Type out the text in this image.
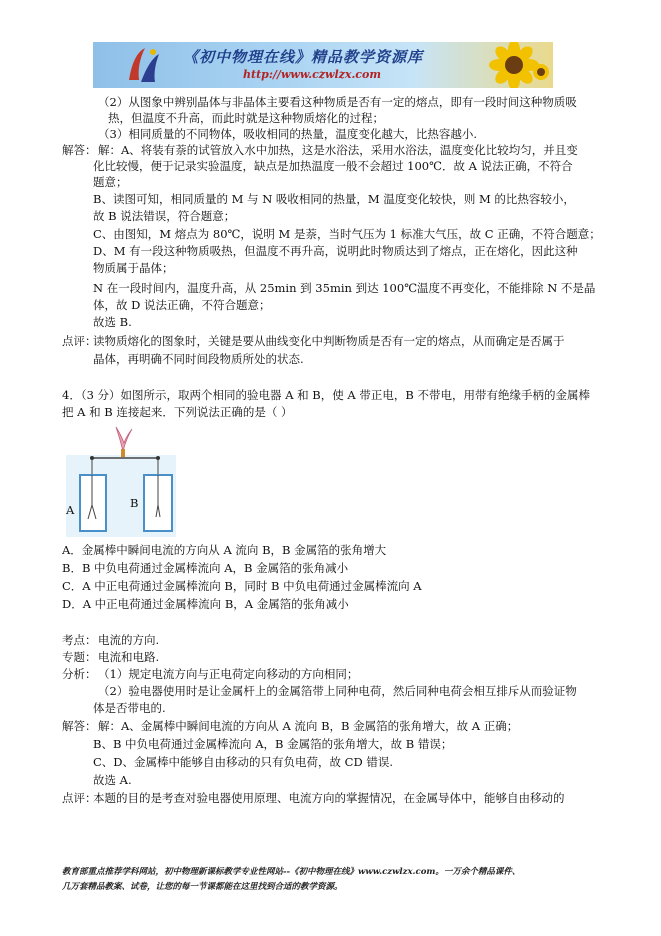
《初中物理在线》精品教学资源库
http://www.czwlzx.com
（2）从图象中辨别晶体与非晶体主要看这种物质是否有一定的熔点，即有一段时间这种物质吸
热，但温度不升高，而此时就是这种物质熔化的过程；
（3）相同质量的不同物体，吸收相同的热量，温度变化越大，比热容越小.
解答： 解：A、将装有萘的试管放入水中加热，这是水浴法，采用水浴法，温度变化比较均匀，并且变
化比较慢，便于记录实验温度，缺点是加热温度一般不会超过 100℃．故 A 说法正确，不符合
题意；
B、读图可知，相同质量的 M 与 N 吸收相同的热量，M 温度变化较快，则 M 的比热容较小，
故 B 说法错误，符合题意；
C、由图知，M 熔点为 80℃，说明 M 是萘，当时气压为 1 标准大气压，故 C 正确，不符合题意；
D、M 有一段这种物质吸热，但温度不再升高，说明此时物质达到了熔点，正在熔化，因此这种
物质属于晶体；
N 在一段时间内，温度升高，从 25min 到 35min 到达 100℃温度不再变化，不能排除 N 不是晶
体，故 D 说法正确，不符合题意；
故选 B.
点评：
读物质熔化的图象时，关键是要从曲线变化中判断物质是否有一定的熔点，从而确定是否属于
晶体，再明确不同时间段物质所处的状态.
4．（3 分）如图所示，取两个相同的验电器 A 和 B，使 A 带正电，B 不带电，用带有绝缘手柄的金属棒
把 A 和 B 连接起来．下列说法正确的是（ ）
A	B
A．金属棒中瞬间电流的方向从 A 流向 B，B 金属箔的张角增大
B．B 中负电荷通过金属棒流向 A，B 金属箔的张角减小
C．A 中正电荷通过金属棒流向 B，同时 B 中负电荷通过金属棒流向 A
D．A 中正电荷通过金属棒流向 B，A 金属箔的张角减小
考点： 电流的方向.
专题： 电流和电路.
分析： （1）规定电流方向与正电荷定向移动的方向相同；
（2）验电器使用时是让金属杆上的金属箔带上同种电荷，然后同种电荷会相互排斥从而验证物
体是否带电的.
解答： 解：A、金属棒中瞬间电流的方向从 A 流向 B，B 金属箔的张角增大，故 A 正确；
B、B 中负电荷通过金属棒流向 A，B 金属箔的张角增大，故 B 错误；
C、D、金属棒中能够自由移动的只有负电荷，故 CD 错误.
故选 A.
点评：
本题的目的是考查对验电器使用原理、电流方向的掌握情况，在金属导体中，能够自由移动的
教育部重点推荐学科网站，初中物理新课标教学专业性网站--《初中物理在线》www.czwlzx.com。一万余个精品课件、
几万套精品教案、试卷，让您的每一节课都能在这里找到合适的教学资源。
